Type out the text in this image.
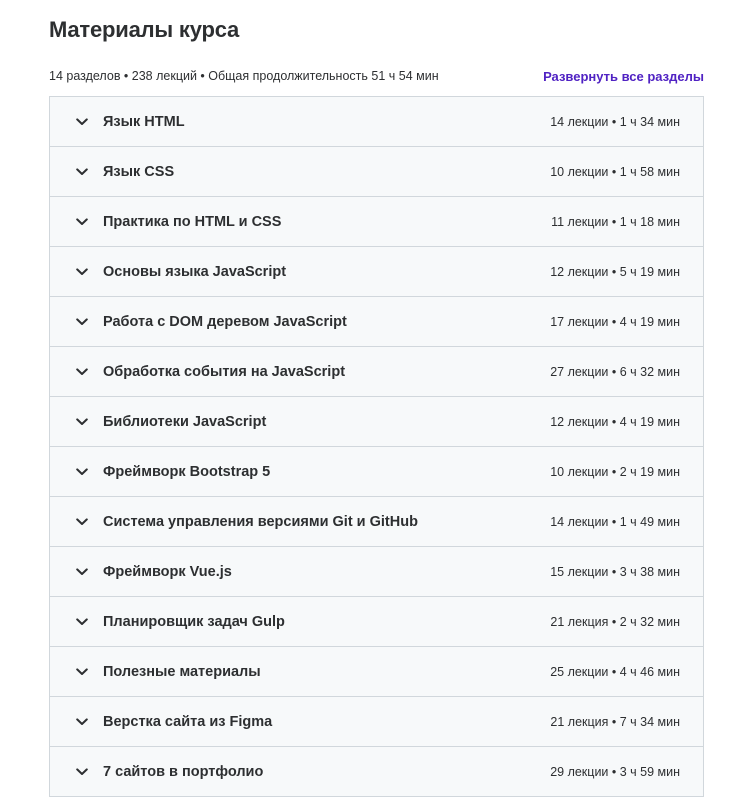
Материалы курса
14 разделов • 238 лекций • Общая продолжительность 51 ч 54 мин	Развернуть все разделы
Язык HTML	14 лекции • 1 ч 34 мин
Язык CSS	10 лекции • 1 ч 58 мин
Практика по HTML и CSS	11 лекции • 1 ч 18 мин
Основы языка JavaScript	12 лекции • 5 ч 19 мин
Работа с DOM деревом JavaScript	17 лекции • 4 ч 19 мин
Обработка события на JavaScript	27 лекции • 6 ч 32 мин
Библиотеки JavaScript	12 лекции • 4 ч 19 мин
Фреймворк Bootstrap 5	10 лекции • 2 ч 19 мин
Система управления версиями Git и GitHub	14 лекции • 1 ч 49 мин
Фреймворк Vue.js	15 лекции • 3 ч 38 мин
Планировщик задач Gulp	21 лекция • 2 ч 32 мин
Полезные материалы	25 лекции • 4 ч 46 мин
Верстка сайта из Figma	21 лекция • 7 ч 34 мин
7 сайтов в портфолио	29 лекции • 3 ч 59 мин
